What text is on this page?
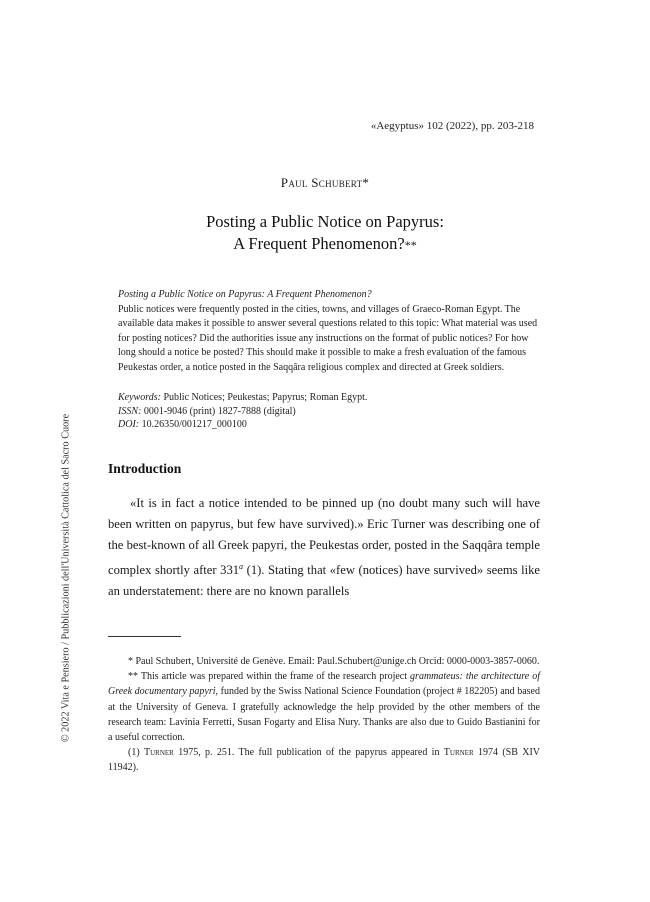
«Aegyptus» 102 (2022), pp. 203-218
Paul Schubert*
Posting a Public Notice on Papyrus:
A Frequent Phenomenon?**

Posting a Public Notice on Papyrus: A Frequent Phenomenon?

Public notices were frequently posted in the cities, towns, and villages of Graeco-Roman Egypt. The available data makes it possible to answer several questions related to this topic: What material was used for posting notices? Did the authorities issue any instructions on the format of public notices? For how long should a notice be posted? This should make it possible to make a fresh evaluation of the famous Peukestas order, a notice posted in the Saqqâra religious complex and directed at Greek soldiers.

Keywords: Public Notices; Peukestas; Papyrus; Roman Egypt.
ISSN: 0001-9046 (print) 1827-7888 (digital)
DOI: 10.26350/001217_000100
Introduction

«It is in fact a notice intended to be pinned up (no doubt many such will have been written on papyrus, but few have survived).» Eric Turner was describing one of the best-known of all Greek papyri, the Peukestas order, posted in the Saqqâra temple complex shortly after 331$^a$ (1). Stating that «few (notices) have survived» seems like an understatement: there are no known parallels

* Paul Schubert, Université de Genève. Email: Paul.Schubert@unige.ch Orcid: 0000-0003-3857-0060.

** This article was prepared within the frame of the research project grammateus: the architecture of Greek documentary papyri, funded by the Swiss National Science Foundation (project # 182205) and based at the University of Geneva. I gratefully acknowledge the help provided by the other members of the research team: Lavinia Ferretti, Susan Fogarty and Elisa Nury. Thanks are also due to Guido Bastianini for a useful correction.

(1) Turner 1975, p. 251. The full publication of the papyrus appeared in Turner 1974 (SB XIV 11942).

© 2022 Vita e Pensiero / Pubblicazioni dell'Università Cattolica del Sacro Cuore
